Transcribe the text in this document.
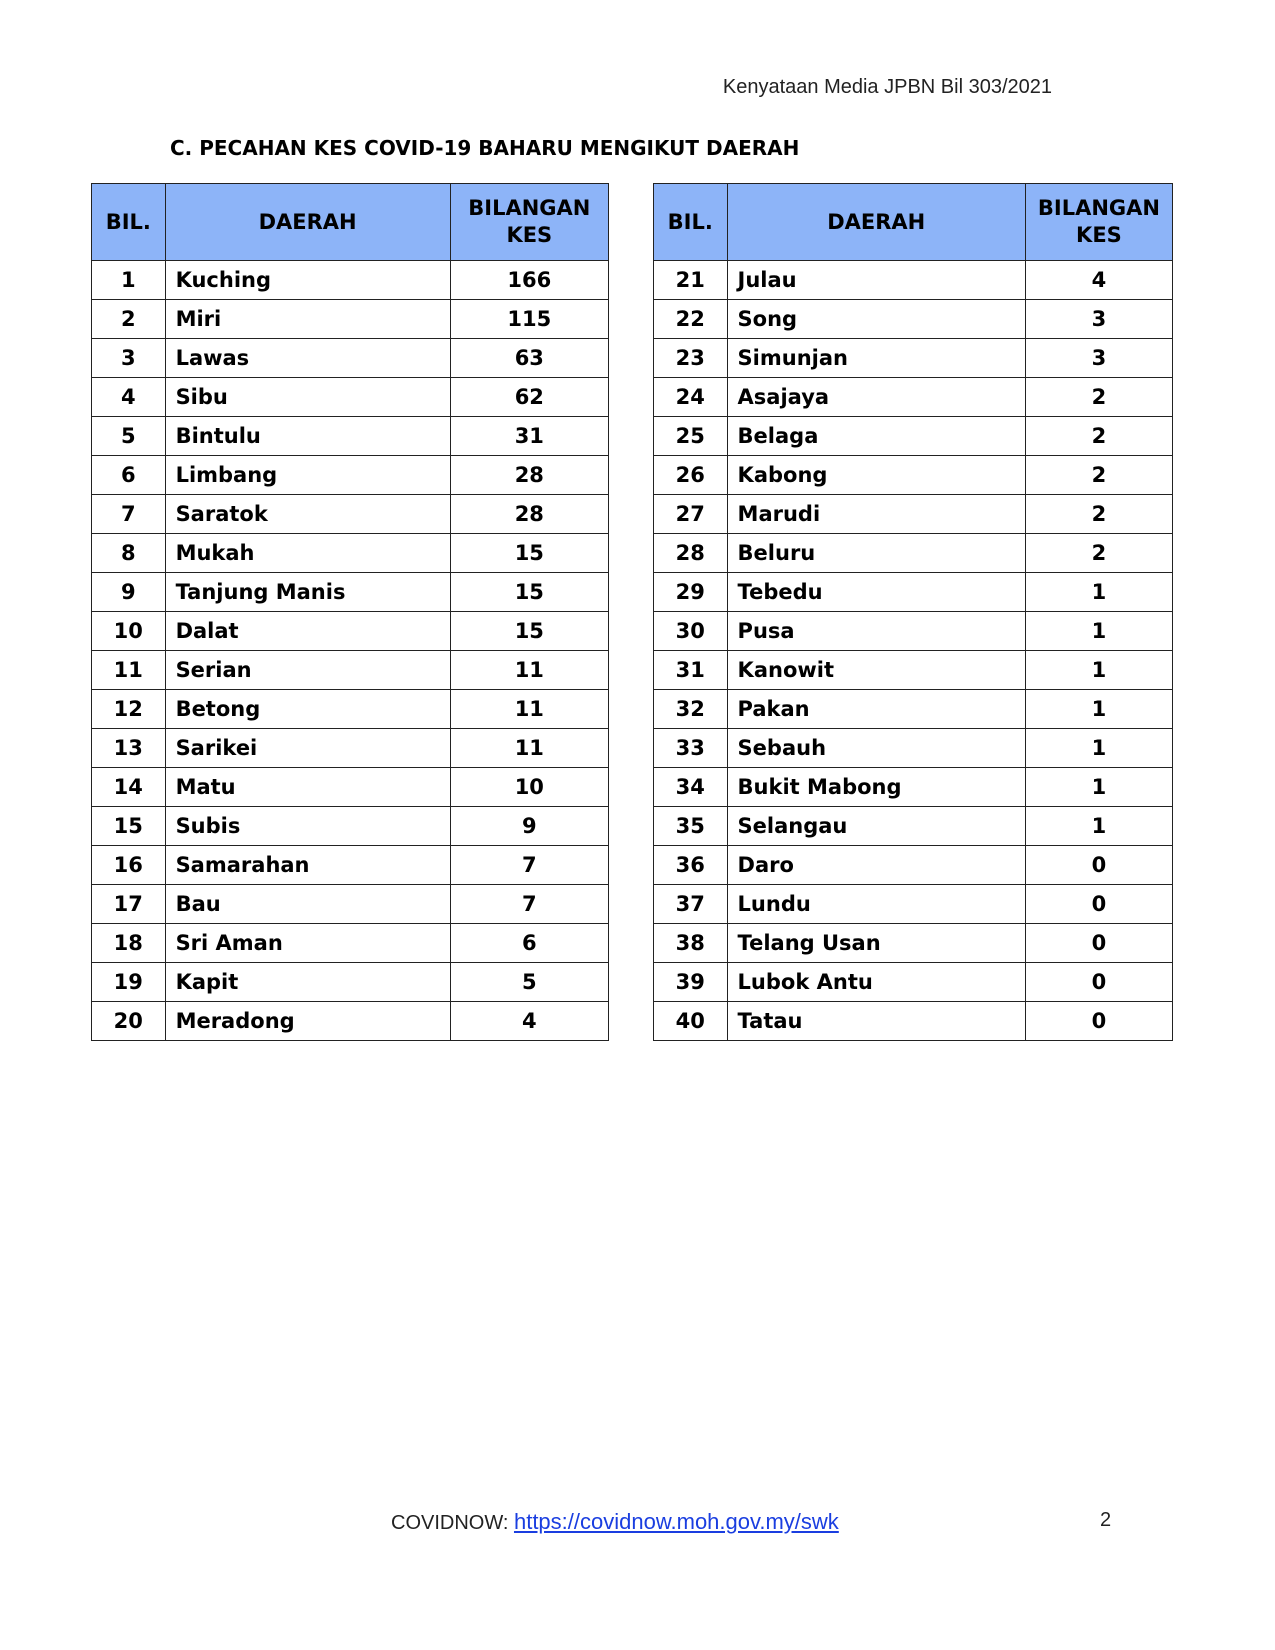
Kenyataan Media JPBN Bil 303/2021
C. PECAHAN KES COVID-19 BAHARU MENGIKUT DAERAH
BIL.	DAERAH	BILANGAN
KES
1	Kuching	166
2	Miri	115
3	Lawas	63
4	Sibu	62
5	Bintulu	31
6	Limbang	28
7	Saratok	28
8	Mukah	15
9	Tanjung Manis	15
10	Dalat	15
11	Serian	11
12	Betong	11
13	Sarikei	11
14	Matu	10
15	Subis	9
16	Samarahan	7
17	Bau	7
18	Sri Aman	6
19	Kapit	5
20	Meradong	4
BIL.	DAERAH	BILANGAN
KES
21	Julau	4
22	Song	3
23	Simunjan	3
24	Asajaya	2
25	Belaga	2
26	Kabong	2
27	Marudi	2
28	Beluru	2
29	Tebedu	1
30	Pusa	1
31	Kanowit	1
32	Pakan	1
33	Sebauh	1
34	Bukit Mabong	1
35	Selangau	1
36	Daro	0
37	Lundu	0
38	Telang Usan	0
39	Lubok Antu	0
40	Tatau	0
COVIDNOW: https://covidnow.moh.gov.my/swk	2
